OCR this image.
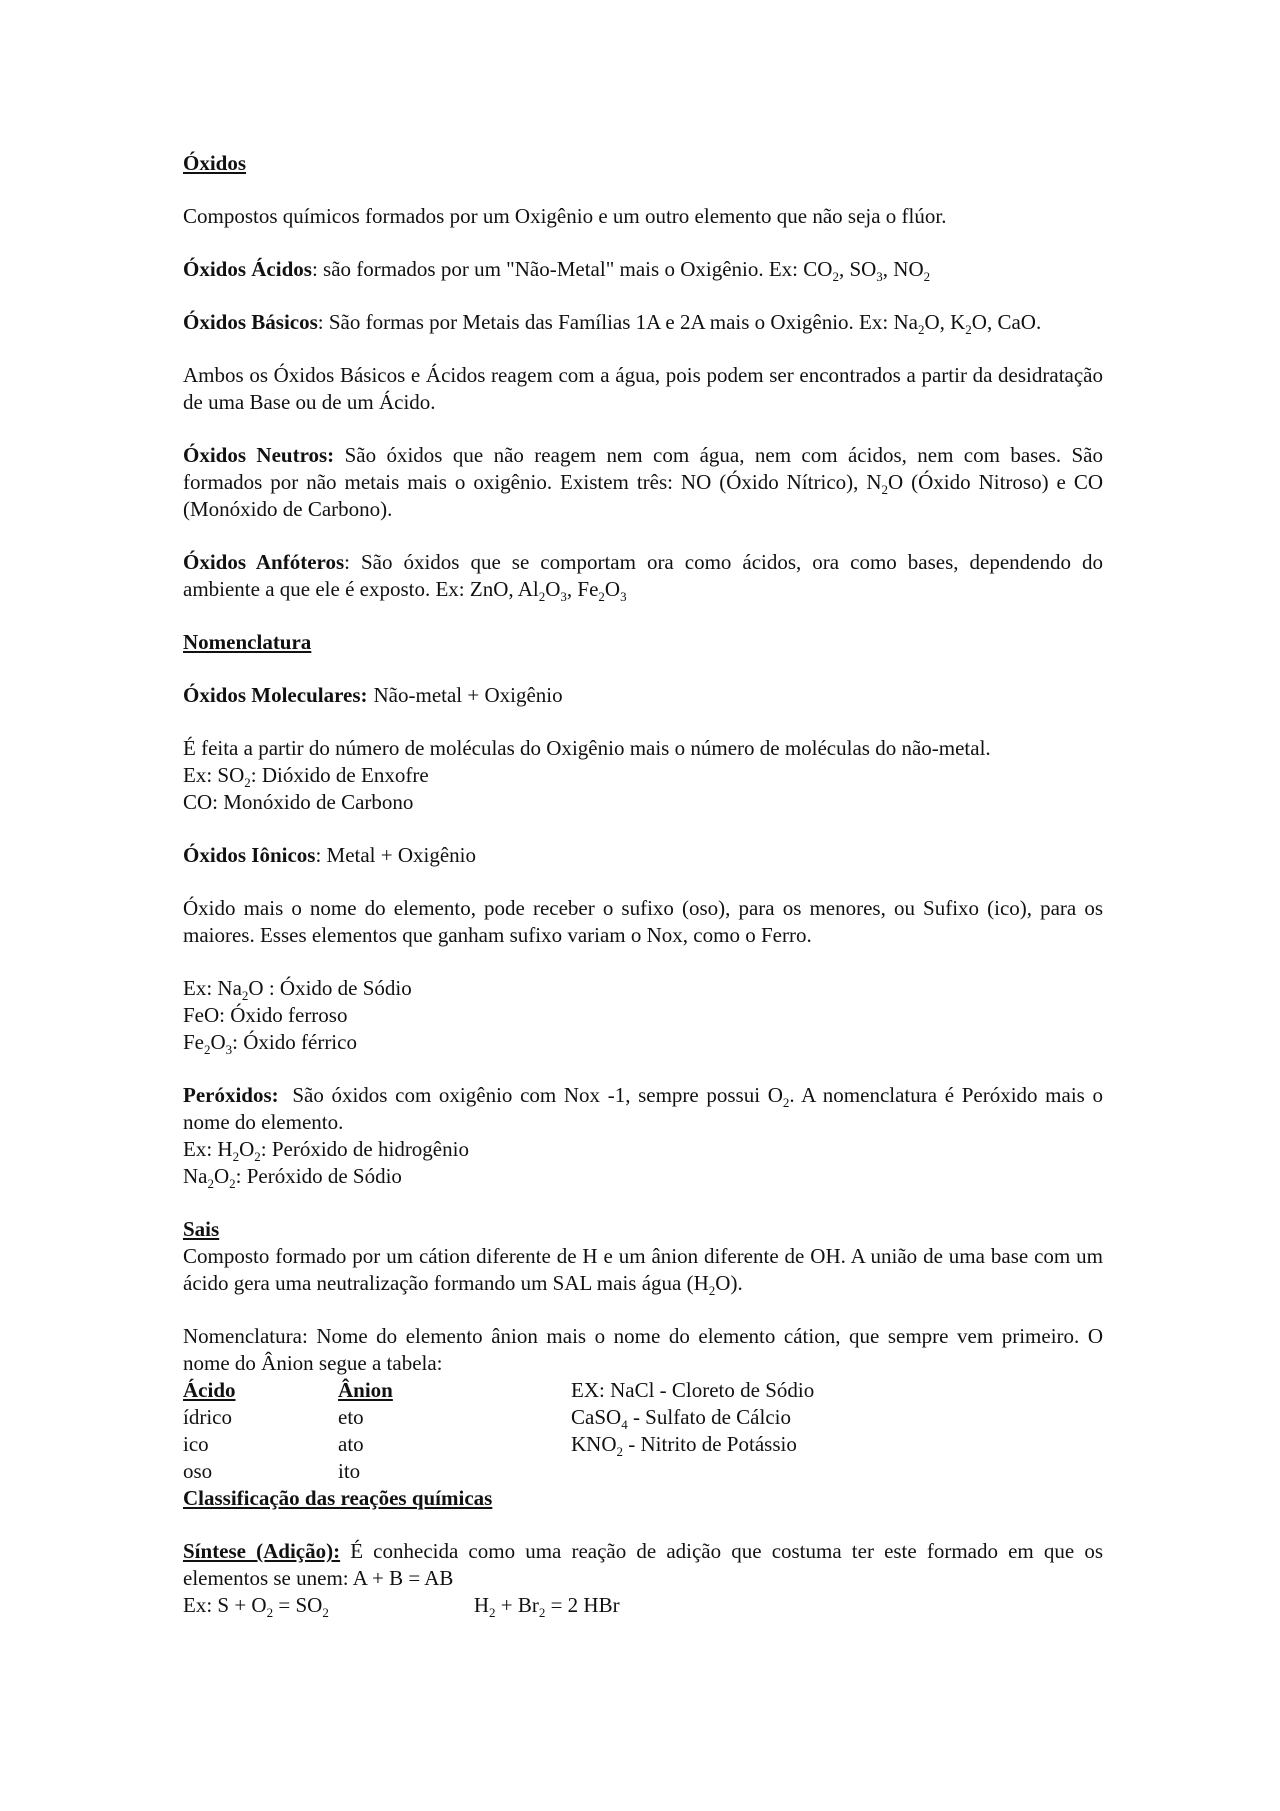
Óxidos
Compostos químicos formados por um Oxigênio e um outro elemento que não seja o flúor.
Óxidos Ácidos: são formados por um "Não-Metal" mais o Oxigênio. Ex: $CO_2$, $SO_3$, $NO_2$
Óxidos Básicos: São formas por Metais das Famílias 1A e 2A mais o Oxigênio. Ex: $Na_2O$, $K_2O$, CaO.
Ambos os Óxidos Básicos e Ácidos reagem com a água, pois podem ser encontrados a partir da desidratação de uma Base ou de um Ácido.
Óxidos Neutros: São óxidos que não reagem nem com água, nem com ácidos, nem com bases. São formados por não metais mais o oxigênio. Existem três: NO (Óxido Nítrico), $N_2O$ (Óxido Nitroso) e CO (Monóxido de Carbono).
Óxidos Anfóteros: São óxidos que se comportam ora como ácidos, ora como bases, dependendo do ambiente a que ele é exposto. Ex: ZnO, $Al_2O_3$, $Fe_2O_3$
Nomenclatura
Óxidos Moleculares: Não-metal + Oxigênio
É feita a partir do número de moléculas do Oxigênio mais o número de moléculas do não-metal.
Ex: $SO_2$: Dióxido de Enxofre
CO: Monóxido de Carbono
Óxidos Iônicos: Metal + Oxigênio
Óxido mais o nome do elemento, pode receber o sufixo (oso), para os menores, ou Sufixo (ico), para os maiores. Esses elementos que ganham sufixo variam o Nox, como o Ferro.
Ex: $Na_2O$ : Óxido de Sódio
FeO: Óxido ferroso
$Fe_2O_3$: Óxido férrico
Peróxidos: São óxidos com oxigênio com Nox -1, sempre possui $O_2$. A nomenclatura é Peróxido mais o nome do elemento.
Ex: $H_2O_2$: Peróxido de hidrogênio
$Na_2O_2$: Peróxido de Sódio
Sais
Composto formado por um cátion diferente de H e um ânion diferente de OH. A união de uma base com um ácido gera uma neutralização formando um SAL mais água $(H_2O)$.
Nomenclatura: Nome do elemento ânion mais o nome do elemento cátion, que sempre vem primeiro. O nome do Ânion segue a tabela:
Ácido	Ânion	EX: NaCl - Cloreto de Sódio
ídrico	eto	CaSO$_4$ - Sulfato de Cálcio
ico	ato	$KNO_2$ - Nitrito de Potássio
oso	ito	
Classificação das reações químicas
Síntese (Adição): É conhecida como uma reação de adição que costuma ter este formado em que os elementos se unem: A + B = AB
Ex: $S + O_2 = SO_2$	$H_2 + Br_2 = 2$ HBr
